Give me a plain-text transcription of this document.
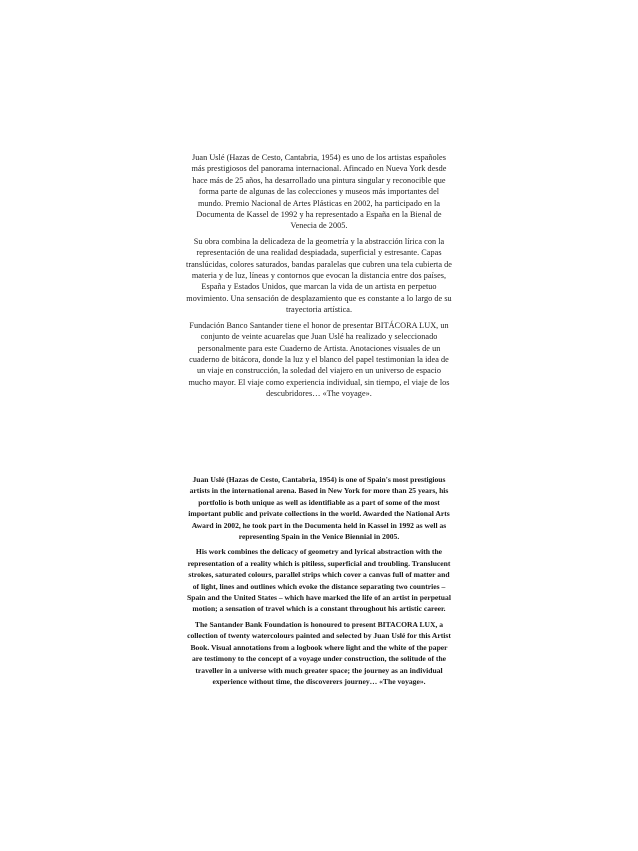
Juan Uslé (Hazas de Cesto, Cantabria, 1954) es uno de los artistas españoles más prestigiosos del panorama internacional. Afincado en Nueva York desde hace más de 25 años, ha desarrollado una pintura singular y reconocible que forma parte de algunas de las colecciones y museos más importantes del mundo. Premio Nacional de Artes Plásticas en 2002, ha participado en la Documenta de Kassel de 1992 y ha representado a España en la Bienal de Venecia de 2005.

Su obra combina la delicadeza de la geometría y la abstracción lírica con la representación de una realidad despiadada, superficial y estresante. Capas translúcidas, colores saturados, bandas paralelas que cubren una tela cubierta de materia y de luz, líneas y contornos que evocan la distancia entre dos países, España y Estados Unidos, que marcan la vida de un artista en perpetuo movimiento. Una sensación de desplazamiento que es constante a lo largo de su trayectoria artística.

Fundación Banco Santander tiene el honor de presentar BITÁCORA LUX, un conjunto de veinte acuarelas que Juan Uslé ha realizado y seleccionado personalmente para este Cuaderno de Artista. Anotaciones visuales de un cuaderno de bitácora, donde la luz y el blanco del papel testimonian la idea de un viaje en construcción, la soledad del viajero en un universo de espacio mucho mayor. El viaje como experiencia individual, sin tiempo, el viaje de los descubridores… «The voyage».

Juan Uslé (Hazas de Cesto, Cantabria, 1954) is one of Spain's most prestigious artists in the international arena. Based in New York for more than 25 years, his portfolio is both unique as well as identifiable as a part of some of the most important public and private collections in the world. Awarded the National Arts Award in 2002, he took part in the Documenta held in Kassel in 1992 as well as representing Spain in the Venice Biennial in 2005.

His work combines the delicacy of geometry and lyrical abstraction with the representation of a reality which is pitiless, superficial and troubling. Translucent strokes, saturated colours, parallel strips which cover a canvas full of matter and of light, lines and outlines which evoke the distance separating two countries – Spain and the United States – which have marked the life of an artist in perpetual motion; a sensation of travel which is a constant throughout his artistic career.

The Santander Bank Foundation is honoured to present BITACORA LUX, a collection of twenty watercolours painted and selected by Juan Uslé for this Artist Book. Visual annotations from a logbook where light and the white of the paper are testimony to the concept of a voyage under construction, the solitude of the traveller in a universe with much greater space; the journey as an individual experience without time, the discoverers journey… «The voyage».
